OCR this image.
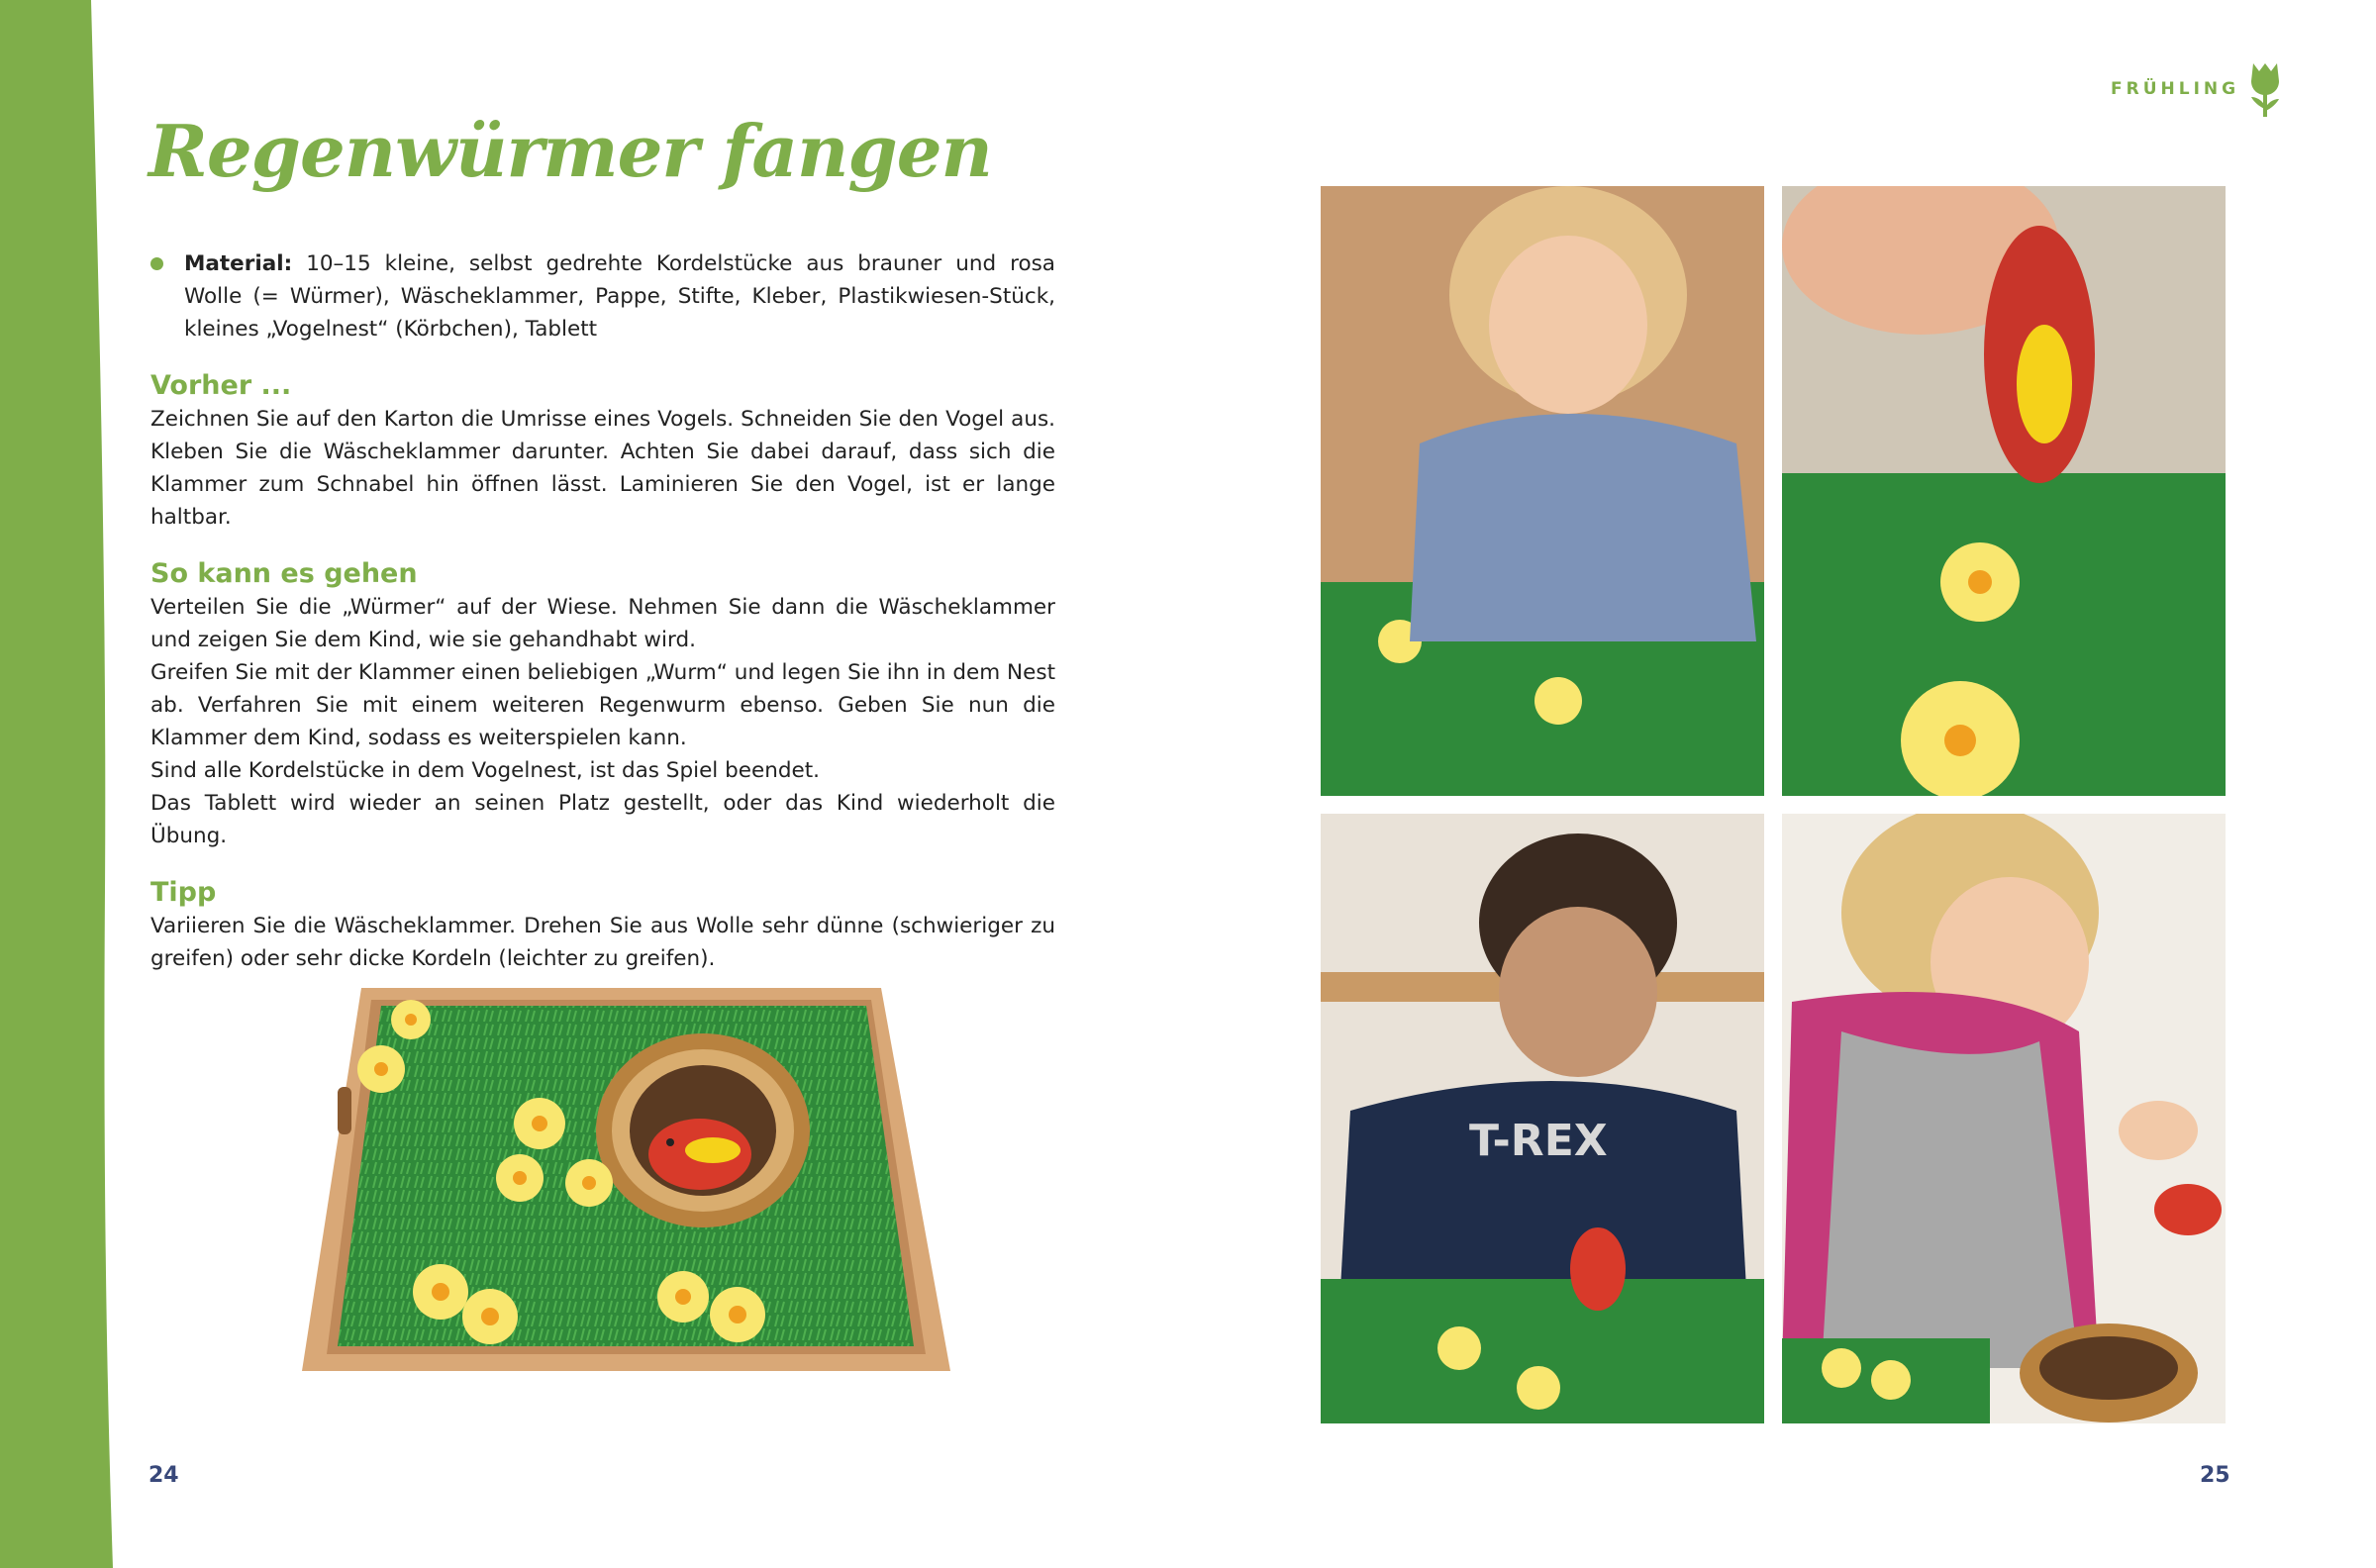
FRÜHLING
Regenwürmer fangen

Material: 10–15 kleine, selbst gedrehte Kordelstücke aus brauner und rosa Wolle (= Würmer), Wäscheklammer, Pappe, Stifte, Kleber, Plastikwiesen-Stück, kleines „Vogelnest“ (Körbchen), Tablett

Vorher ...

Zeichnen Sie auf den Karton die Umrisse eines Vogels. Schneiden Sie den Vogel aus. Kleben Sie die Wäscheklammer darunter. Achten Sie dabei darauf, dass sich die Klammer zum Schnabel hin öffnen lässt. Laminieren Sie den Vogel, ist er lange haltbar.

So kann es gehen

Verteilen Sie die „Würmer“ auf der Wiese. Nehmen Sie dann die Wäscheklammer und zeigen Sie dem Kind, wie sie gehandhabt wird.

Greifen Sie mit der Klammer einen beliebigen „Wurm“ und legen Sie ihn in dem Nest ab. Verfahren Sie mit einem weiteren Regenwurm ebenso. Geben Sie nun die Klammer dem Kind, sodass es weiterspielen kann.

Sind alle Kordelstücke in dem Vogelnest, ist das Spiel beendet.

Das Tablett wird wieder an seinen Platz gestellt, oder das Kind wiederholt die Übung.

Tipp

Variieren Sie die Wäscheklammer. Drehen Sie aus Wolle sehr dünne (schwieriger zu greifen) oder sehr dicke Kordeln (leichter zu greifen).

T-REX
24	25
